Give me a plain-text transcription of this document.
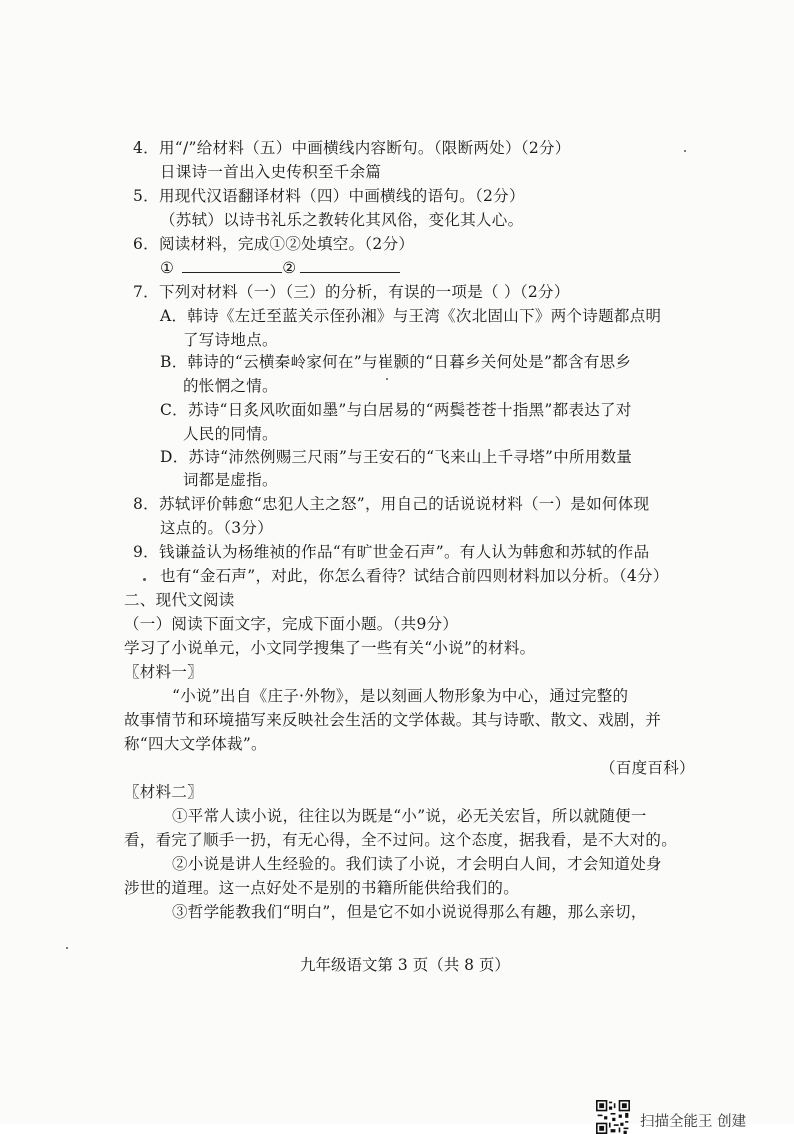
4．用“/”给材料（五）中画横线内容断句。（限断两处）（2分）
日课诗一首出入史传积至千余篇
5．用现代汉语翻译材料（四）中画横线的语句。（2分）
（苏轼）以诗书礼乐之教转化其风俗，变化其人心。
6．阅读材料，完成①②处填空。（2分）
①	②
7．下列对材料（一）（三）的分析，有误的一项是（ ）（2分）
A．韩诗《左迁至蓝关示侄孙湘》与王湾《次北固山下》两个诗题都点明
了写诗地点。
B．韩诗的“云横秦岭家何在”与崔颢的“日暮乡关何处是”都含有思乡
的怅惘之情。
C．苏诗“日炙风吹面如墨”与白居易的“两鬓苍苍十指黑”都表达了对
人民的同情。
D．苏诗“沛然例赐三尺雨”与王安石的“飞来山上千寻塔”中所用数量
词都是虚指。
8．苏轼评价韩愈“忠犯人主之怒”，用自己的话说说材料（一）是如何体现
这点的。（3分）
9．钱谦益认为杨维祯的作品“有旷世金石声”。有人认为韩愈和苏轼的作品
也有“金石声”，对此，你怎么看待？试结合前四则材料加以分析。（4分）
二、现代文阅读
（一）阅读下面文字，完成下面小题。（共9分）
学习了小说单元，小文同学搜集了一些有关“小说”的材料。
〖材料一〗
“小说”出自《庄子·外物》，是以刻画人物形象为中心，通过完整的
故事情节和环境描写来反映社会生活的文学体裁。其与诗歌、散文、戏剧，并
称“四大文学体裁”。
（百度百科）
〖材料二〗
①平常人读小说，往往以为既是“小”说，必无关宏旨，所以就随便一
看，看完了顺手一扔，有无心得，全不过问。这个态度，据我看，是不大对的。
②小说是讲人生经验的。我们读了小说，才会明白人间，才会知道处身
涉世的道理。这一点好处不是别的书籍所能供给我们的。
③哲学能教我们“明白”，但是它不如小说说得那么有趣，那么亲切，
九年级语文第 3 页（共 8 页）
扫描全能王 创建
